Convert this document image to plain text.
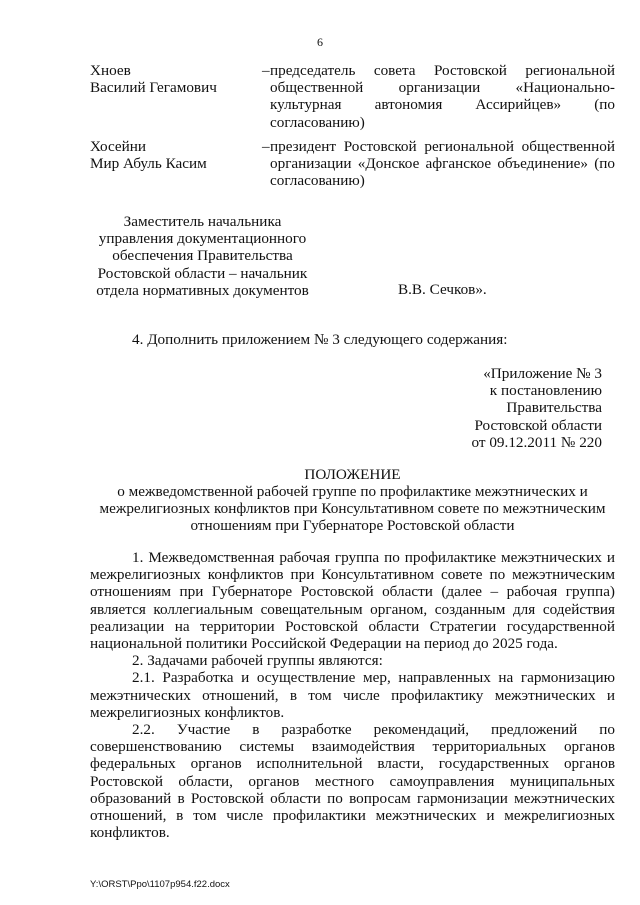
6
Хноев
Василий Гегамович
– председатель совета Ростовской региональной общественной организации «Национально-культурная автономия Ассирийцев» (по согласованию)
Хосейни
Мир Абуль Касим
– президент Ростовской региональной общественной организации «Донское афганское объединение» (по согласованию)
Заместитель начальника управления документационного обеспечения Правительства Ростовской области – начальник отдела нормативных документов	В.В. Сечков».
4. Дополнить приложением № 3 следующего содержания:
«Приложение № 3
к постановлению
Правительства
Ростовской области
от 09.12.2011 № 220
ПОЛОЖЕНИЕ
о межведомственной рабочей группе по профилактике межэтнических и межрелигиозных конфликтов при Консультативном совете по межэтническим отношениям при Губернаторе Ростовской области

1. Межведомственная рабочая группа по профилактике межэтнических и межрелигиозных конфликтов при Консультативном совете по межэтническим отношениям при Губернаторе Ростовской области (далее – рабочая группа) является коллегиальным совещательным органом, созданным для содействия реализации на территории Ростовской области Стратегии государственной национальной политики Российской Федерации на период до 2025 года.

2. Задачами рабочей группы являются:

2.1. Разработка и осуществление мер, направленных на гармонизацию межэтнических отношений, в том числе профилактику межэтнических и межрелигиозных конфликтов.

2.2. Участие в разработке рекомендаций, предложений по совершенствованию системы взаимодействия территориальных органов федеральных органов исполнительной власти, государственных органов Ростовской области, органов местного самоуправления муниципальных образований в Ростовской области по вопросам гармонизации межэтнических отношений, в том числе профилактики межэтнических и межрелигиозных конфликтов.

Y:\ORST\Ppo\1107p954.f22.docx
